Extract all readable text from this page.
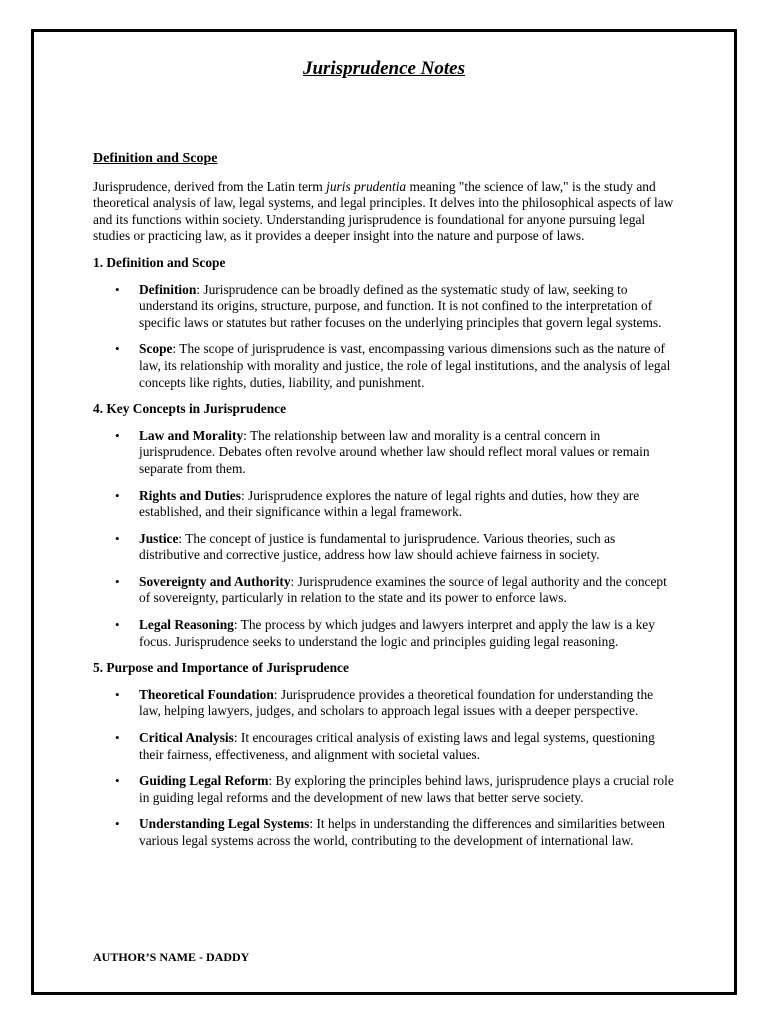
Jurisprudence Notes
Definition and Scope

Jurisprudence, derived from the Latin term juris prudentia meaning "the science of law," is the study and theoretical analysis of law, legal systems, and legal principles. It delves into the philosophical aspects of law and its functions within society. Understanding jurisprudence is foundational for anyone pursuing legal studies or practicing law, as it provides a deeper insight into the nature and purpose of laws.

1. Definition and Scope
• Definition: Jurisprudence can be broadly defined as the systematic study of law, seeking to understand its origins, structure, purpose, and function. It is not confined to the interpretation of specific laws or statutes but rather focuses on the underlying principles that govern legal systems.
• Scope: The scope of jurisprudence is vast, encompassing various dimensions such as the nature of law, its relationship with morality and justice, the role of legal institutions, and the analysis of legal concepts like rights, duties, liability, and punishment.
4. Key Concepts in Jurisprudence
• Law and Morality: The relationship between law and morality is a central concern in jurisprudence. Debates often revolve around whether law should reflect moral values or remain separate from them.
• Rights and Duties: Jurisprudence explores the nature of legal rights and duties, how they are established, and their significance within a legal framework.
• Justice: The concept of justice is fundamental to jurisprudence. Various theories, such as distributive and corrective justice, address how law should achieve fairness in society.
• Sovereignty and Authority: Jurisprudence examines the source of legal authority and the concept of sovereignty, particularly in relation to the state and its power to enforce laws.
• Legal Reasoning: The process by which judges and lawyers interpret and apply the law is a key focus. Jurisprudence seeks to understand the logic and principles guiding legal reasoning.
5. Purpose and Importance of Jurisprudence
• Theoretical Foundation: Jurisprudence provides a theoretical foundation for understanding the law, helping lawyers, judges, and scholars to approach legal issues with a deeper perspective.
• Critical Analysis: It encourages critical analysis of existing laws and legal systems, questioning their fairness, effectiveness, and alignment with societal values.
• Guiding Legal Reform: By exploring the principles behind laws, jurisprudence plays a crucial role in guiding legal reforms and the development of new laws that better serve society.
• Understanding Legal Systems: It helps in understanding the differences and similarities between various legal systems across the world, contributing to the development of international law.
AUTHOR’S NAME - DADDY
